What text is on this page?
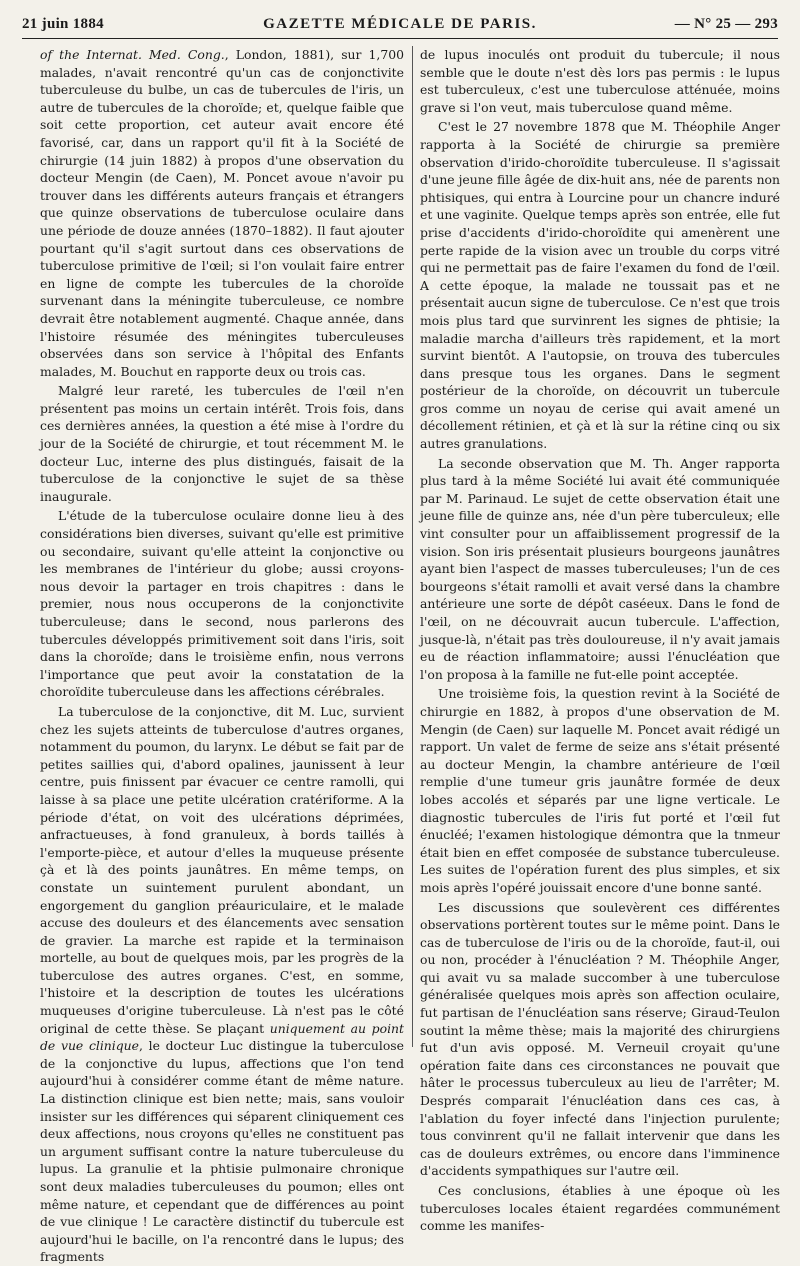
21 juin 1884	GAZETTE MÉDICALE DE PARIS.	— N° 25 — 293

of the Internat. Med. Cong., London, 1881), sur 1,700 malades, n'avait rencontré qu'un cas de conjonctivite tuberculeuse du bulbe, un cas de tubercules de l'iris, un autre de tubercules de la choroïde; et, quelque faible que soit cette proportion, cet auteur avait encore été favorisé, car, dans un rapport qu'il fit à la Société de chirurgie (14 juin 1882) à propos d'une observation du docteur Mengin (de Caen), M. Poncet avoue n'avoir pu trouver dans les différents auteurs français et étrangers que quinze observations de tuberculose oculaire dans une période de douze années (1870–1882). Il faut ajouter pourtant qu'il s'agit surtout dans ces observations de tuberculose primitive de l'œil; si l'on voulait faire entrer en ligne de compte les tubercules de la choroïde survenant dans la méningite tuberculeuse, ce nombre devrait être notablement augmenté. Chaque année, dans l'histoire résumée des méningites tuberculeuses observées dans son service à l'hôpital des Enfants malades, M. Bouchut en rapporte deux ou trois cas.

Malgré leur rareté, les tubercules de l'œil n'en présentent pas moins un certain intérêt. Trois fois, dans ces dernières années, la question a été mise à l'ordre du jour de la Société de chirurgie, et tout récemment M. le docteur Luc, interne des plus distingués, faisait de la tuberculose de la conjonctive le sujet de sa thèse inaugurale.

L'étude de la tuberculose oculaire donne lieu à des considérations bien diverses, suivant qu'elle est primitive ou secondaire, suivant qu'elle atteint la conjonctive ou les membranes de l'intérieur du globe; aussi croyons-nous devoir la partager en trois chapitres : dans le premier, nous nous occuperons de la conjonctivite tuberculeuse; dans le second, nous parlerons des tubercules développés primitivement soit dans l'iris, soit dans la choroïde; dans le troisième enfin, nous verrons l'importance que peut avoir la constatation de la choroïdite tuberculeuse dans les affections cérébrales.

La tuberculose de la conjonctive, dit M. Luc, survient chez les sujets atteints de tuberculose d'autres organes, notamment du poumon, du larynx. Le début se fait par de petites saillies qui, d'abord opalines, jaunissent à leur centre, puis finissent par évacuer ce centre ramolli, qui laisse à sa place une petite ulcération cratériforme. A la période d'état, on voit des ulcérations déprimées, anfractueuses, à fond granuleux, à bords taillés à l'emporte-pièce, et autour d'elles la muqueuse présente çà et là des points jaunâtres. En même temps, on constate un suintement purulent abondant, un engorgement du ganglion préauriculaire, et le malade accuse des douleurs et des élancements avec sensation de gravier. La marche est rapide et la terminaison mortelle, au bout de quelques mois, par les progrès de la tuberculose des autres organes. C'est, en somme, l'histoire et la description de toutes les ulcérations muqueuses d'origine tuberculeuse. Là n'est pas le côté original de cette thèse. Se plaçant uniquement au point de vue clinique, le docteur Luc distingue la tuberculose de la conjonctive du lupus, affections que l'on tend aujourd'hui à considérer comme étant de même nature. La distinction clinique est bien nette; mais, sans vouloir insister sur les différences qui séparent cliniquement ces deux affections, nous croyons qu'elles ne constituent pas un argument suffisant contre la nature tuberculeuse du lupus. La granulie et la phtisie pulmonaire chronique sont deux maladies tuberculeuses du poumon; elles ont même nature, et cependant que de différences au point de vue clinique ! Le caractère distinctif du tubercule est aujourd'hui le bacille, on l'a rencontré dans le lupus; des fragments

de lupus inoculés ont produit du tubercule; il nous semble que le doute n'est dès lors pas permis : le lupus est tuberculeux, c'est une tuberculose atténuée, moins grave si l'on veut, mais tuberculose quand même.

C'est le 27 novembre 1878 que M. Théophile Anger rapporta à la Société de chirurgie sa première observation d'irido-choroïdite tuberculeuse. Il s'agissait d'une jeune fille âgée de dix-huit ans, née de parents non phtisiques, qui entra à Lourcine pour un chancre induré et une vaginite. Quelque temps après son entrée, elle fut prise d'accidents d'irido-choroïdite qui amenèrent une perte rapide de la vision avec un trouble du corps vitré qui ne permettait pas de faire l'examen du fond de l'œil. A cette époque, la malade ne toussait pas et ne présentait aucun signe de tuberculose. Ce n'est que trois mois plus tard que survinrent les signes de phtisie; la maladie marcha d'ailleurs très rapidement, et la mort survint bientôt. A l'autopsie, on trouva des tubercules dans presque tous les organes. Dans le segment postérieur de la choroïde, on découvrit un tubercule gros comme un noyau de cerise qui avait amené un décollement rétinien, et çà et là sur la rétine cinq ou six autres granulations.

La seconde observation que M. Th. Anger rapporta plus tard à la même Société lui avait été communiquée par M. Parinaud. Le sujet de cette observation était une jeune fille de quinze ans, née d'un père tuberculeux; elle vint consulter pour un affaiblissement progressif de la vision. Son iris présentait plusieurs bourgeons jaunâtres ayant bien l'aspect de masses tuberculeuses; l'un de ces bourgeons s'était ramolli et avait versé dans la chambre antérieure une sorte de dépôt caséeux. Dans le fond de l'œil, on ne découvrait aucun tubercule. L'affection, jusque-là, n'était pas très douloureuse, il n'y avait jamais eu de réaction inflammatoire; aussi l'énucléation que l'on proposa à la famille ne fut-elle point acceptée.

Une troisième fois, la question revint à la Société de chirurgie en 1882, à propos d'une observation de M. Mengin (de Caen) sur laquelle M. Poncet avait rédigé un rapport. Un valet de ferme de seize ans s'était présenté au docteur Mengin, la chambre antérieure de l'œil remplie d'une tumeur gris jaunâtre formée de deux lobes accolés et séparés par une ligne verticale. Le diagnostic tubercules de l'iris fut porté et l'œil fut énucléé; l'examen histologique démontra que la tnmeur était bien en effet composée de substance tuberculeuse. Les suites de l'opération furent des plus simples, et six mois après l'opéré jouissait encore d'une bonne santé.

Les discussions que soulevèrent ces différentes observations portèrent toutes sur le même point. Dans le cas de tuberculose de l'iris ou de la choroïde, faut-il, oui ou non, procéder à l'énucléation ? M. Théophile Anger, qui avait vu sa malade succomber à une tuberculose généralisée quelques mois après son affection oculaire, fut partisan de l'énucléation sans réserve; Giraud-Teulon soutint la même thèse; mais la majorité des chirurgiens fut d'un avis opposé. M. Verneuil croyait qu'une opération faite dans ces circonstances ne pouvait que hâter le processus tuberculeux au lieu de l'arrêter; M. Després comparait l'énucléation dans ces cas, à l'ablation du foyer infecté dans l'injection purulente; tous convinrent qu'il ne fallait intervenir que dans les cas de douleurs extrêmes, ou encore dans l'imminence d'accidents sympathiques sur l'autre œil.

Ces conclusions, établies à une époque où les tuberculoses locales étaient regardées communément comme les manifes-
